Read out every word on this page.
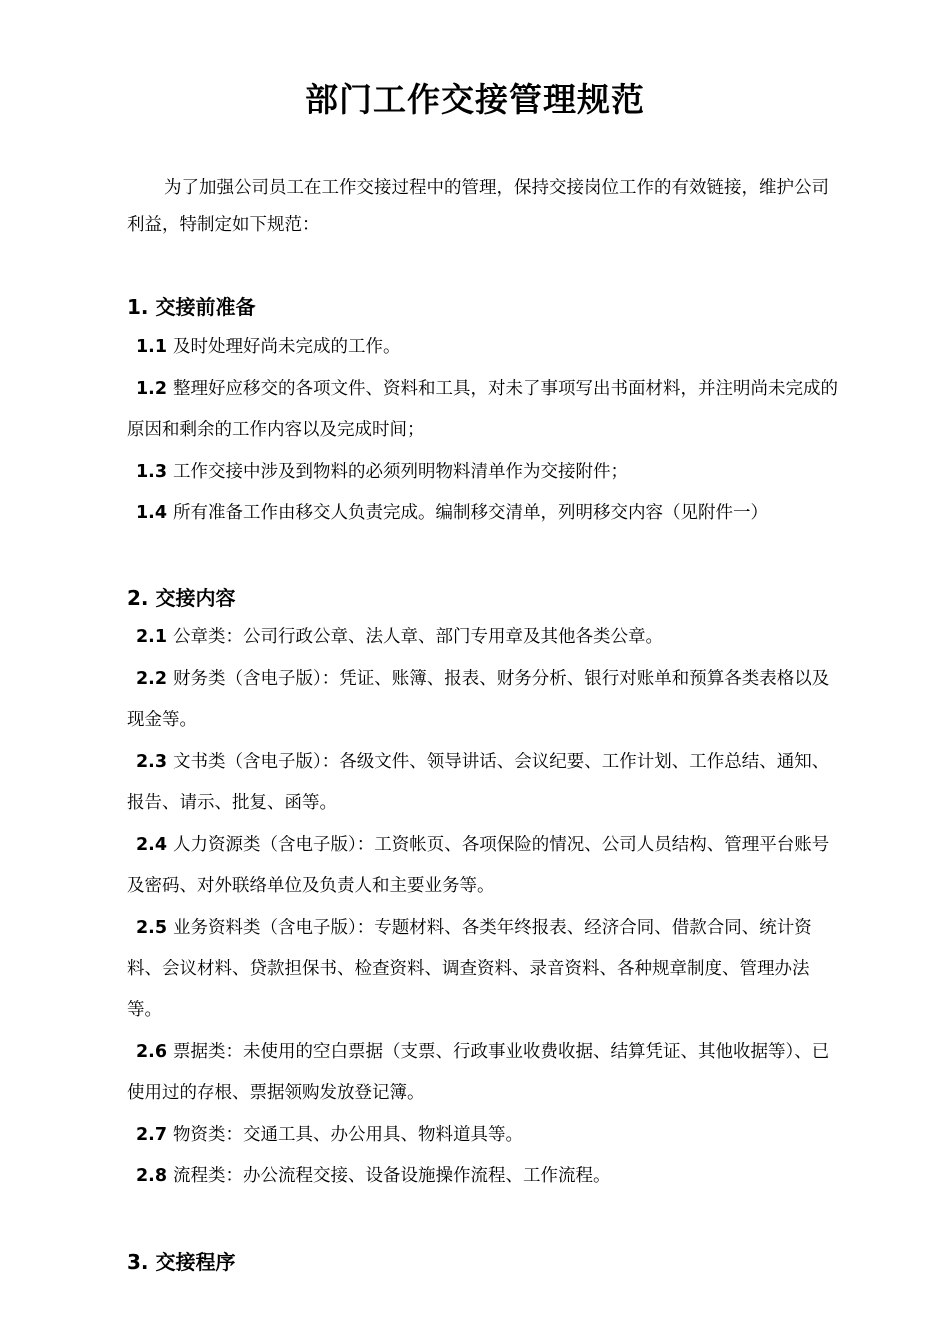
部门工作交接管理规范

为了加强公司员工在工作交接过程中的管理，保持交接岗位工作的有效链接，维护公司利益，特制定如下规范：

1. 交接前准备
1.1 及时处理好尚未完成的工作。
1.2 整理好应移交的各项文件、资料和工具，对未了事项写出书面材料，并注明尚未完成的原因和剩余的工作内容以及完成时间；
1.3 工作交接中涉及到物料的必须列明物料清单作为交接附件；
1.4 所有准备工作由移交人负责完成。编制移交清单，列明移交内容（见附件一）
2. 交接内容
2.1 公章类：公司行政公章、法人章、部门专用章及其他各类公章。
2.2 财务类（含电子版）：凭证、账簿、报表、财务分析、银行对账单和预算各类表格以及现金等。
2.3 文书类（含电子版）：各级文件、领导讲话、会议纪要、工作计划、工作总结、通知、报告、请示、批复、函等。
2.4 人力资源类（含电子版）：工资帐页、各项保险的情况、公司人员结构、管理平台账号及密码、对外联络单位及负责人和主要业务等。
2.5 业务资料类（含电子版）：专题材料、各类年终报表、经济合同、借款合同、统计资料、会议材料、贷款担保书、检查资料、调查资料、录音资料、各种规章制度、管理办法等。
2.6 票据类：未使用的空白票据（支票、行政事业收费收据、结算凭证、其他收据等）、已使用过的存根、票据领购发放登记簿。
2.7 物资类：交通工具、办公用具、物料道具等。
2.8 流程类：办公流程交接、设备设施操作流程、工作流程。
3. 交接程序
